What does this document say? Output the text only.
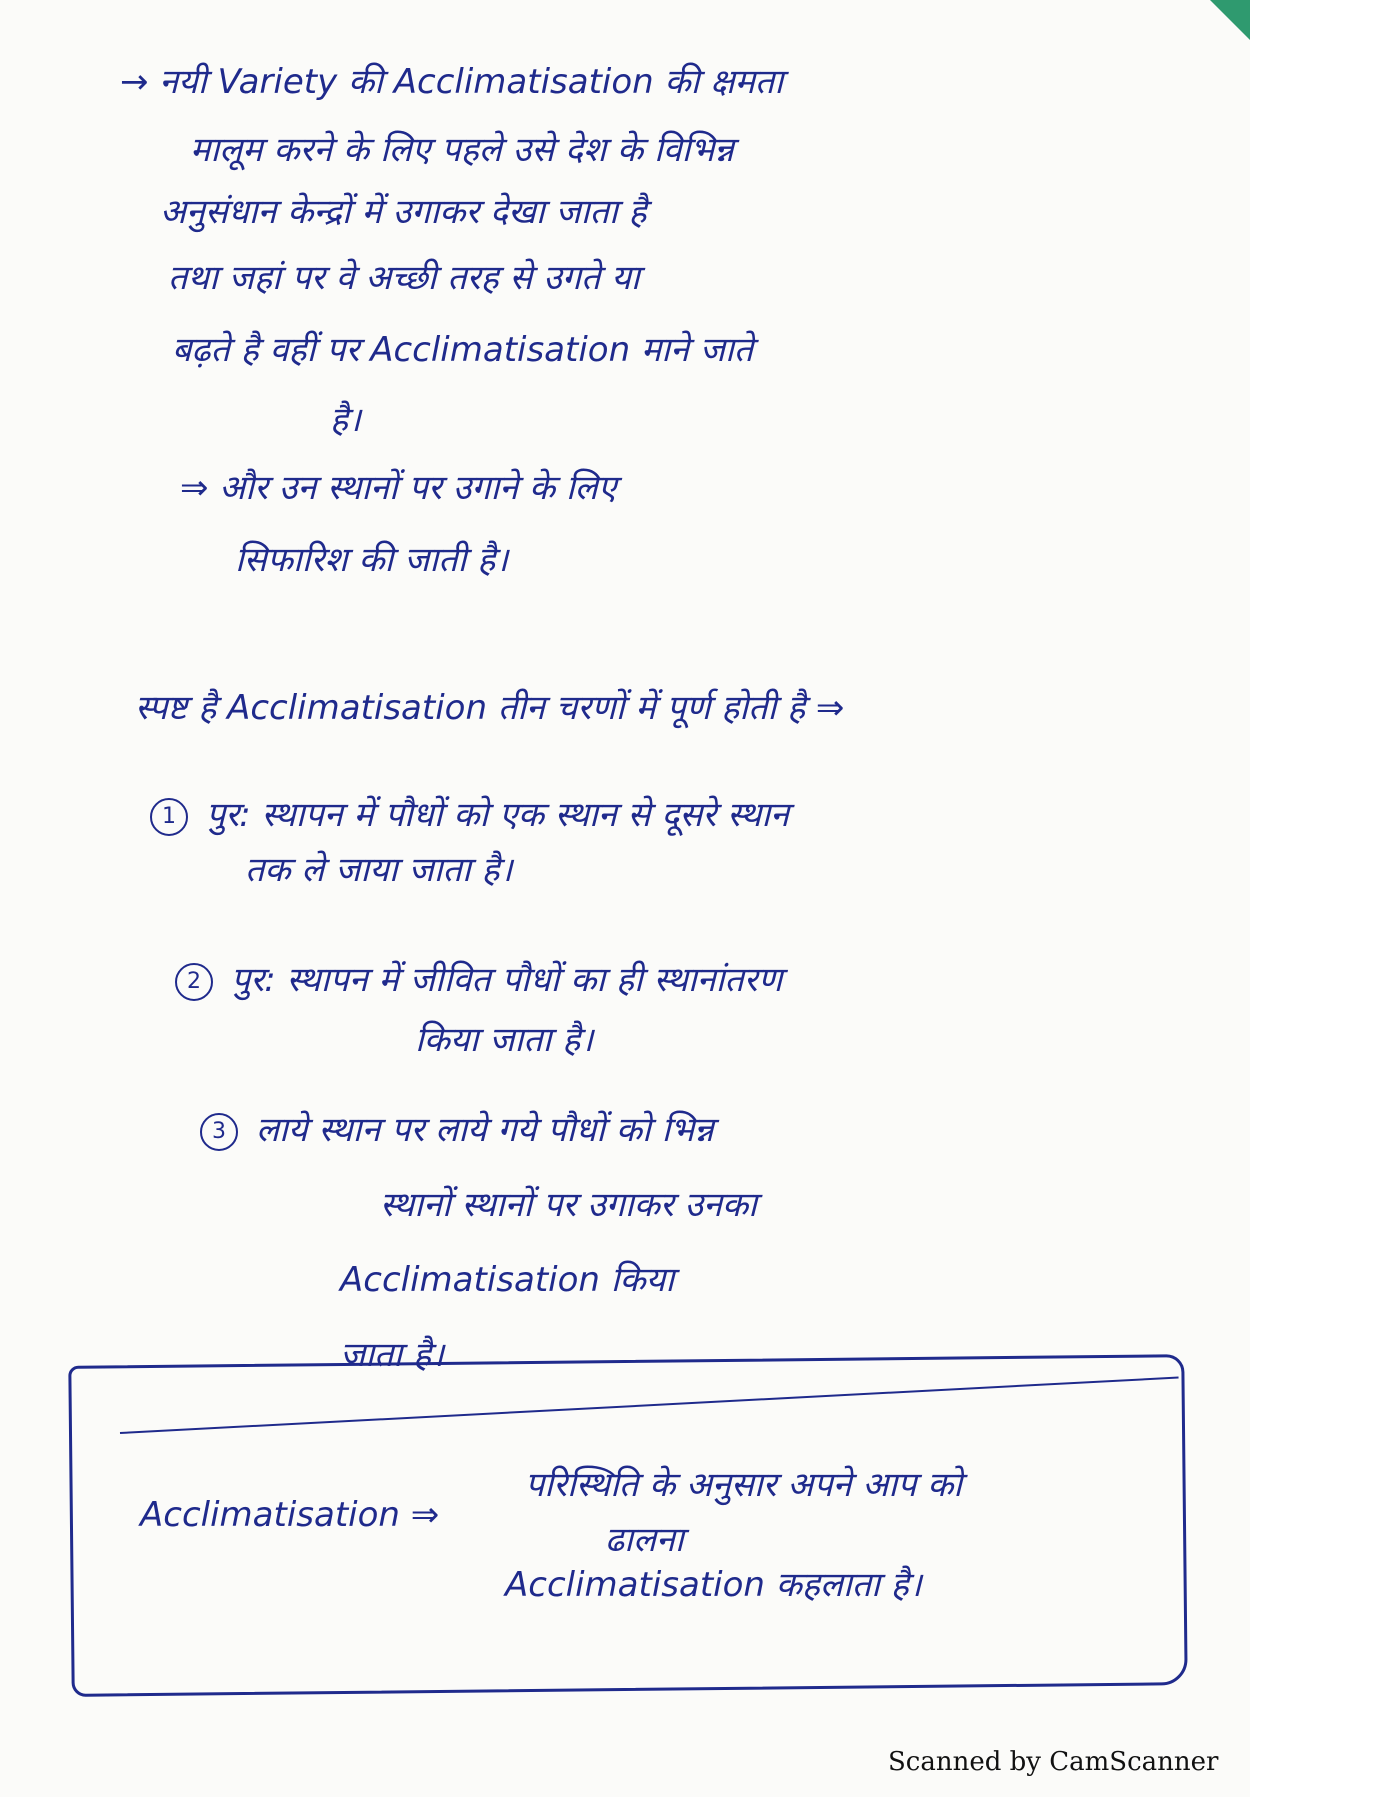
→ नयी Variety की Acclimatisation की क्षमता
मालूम करने के लिए पहले उसे देश के विभिन्न
अनुसंधान केन्द्रों में उगाकर देखा जाता है
तथा जहां पर वे अच्छी तरह से उगते या
बढ़ते है वहीं पर Acclimatisation माने जाते
है।
⇒ और उन स्थानों पर उगाने के लिए
सिफारिश की जाती है।
स्पष्ट है Acclimatisation तीन चरणों में पूर्ण होती है ⇒
1 पुर: स्थापन में पौधों को एक स्थान से दूसरे स्थान
तक ले जाया जाता है।
2 पुर: स्थापन में जीवित पौधों का ही स्थानांतरण
किया जाता है।
3 लाये स्थान पर लाये गये पौधों को भिन्न
स्थानों स्थानों पर उगाकर उनका
Acclimatisation किया
जाता है।
Acclimatisation ⇒
परिस्थिति के अनुसार अपने आप को
ढालना
Acclimatisation कहलाता है।
Scanned by CamScanner
